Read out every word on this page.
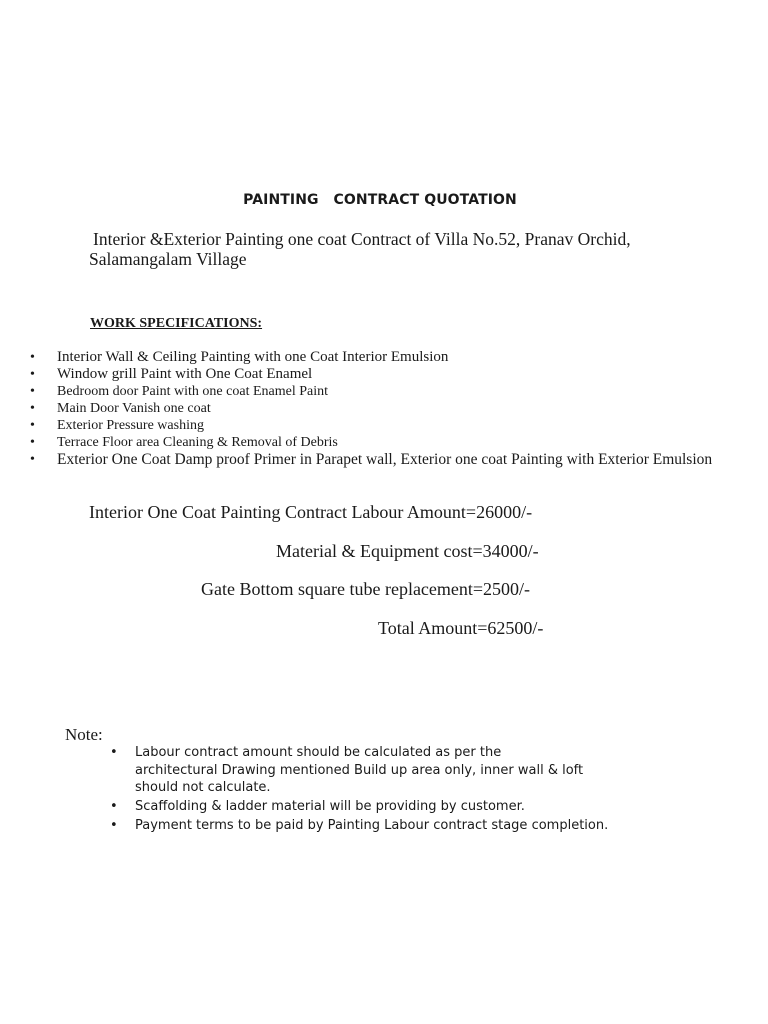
PAINTING   CONTRACT QUOTATION
Interior &Exterior Painting one coat Contract of Villa No.52, Pranav Orchid,
Salamangalam Village
WORK SPECIFICATIONS:
• Interior Wall & Ceiling Painting with one Coat Interior Emulsion
• Window grill Paint with One Coat Enamel
• Bedroom door Paint with one coat Enamel Paint
• Main Door Vanish one coat
• Exterior Pressure washing
• Terrace Floor area Cleaning & Removal of Debris
• Exterior One Coat Damp proof Primer in Parapet wall, Exterior one coat Painting with Exterior Emulsion
Interior One Coat Painting Contract Labour Amount=26000/-
Material & Equipment cost=34000/-
Gate Bottom square tube replacement=2500/-
Total Amount=62500/-
Note:
• Labour contract amount should be calculated as per the architectural Drawing mentioned Build up area only, inner wall & loft should not calculate.
• Scaffolding & ladder material will be providing by customer.
• Payment terms to be paid by Painting Labour contract stage completion.
